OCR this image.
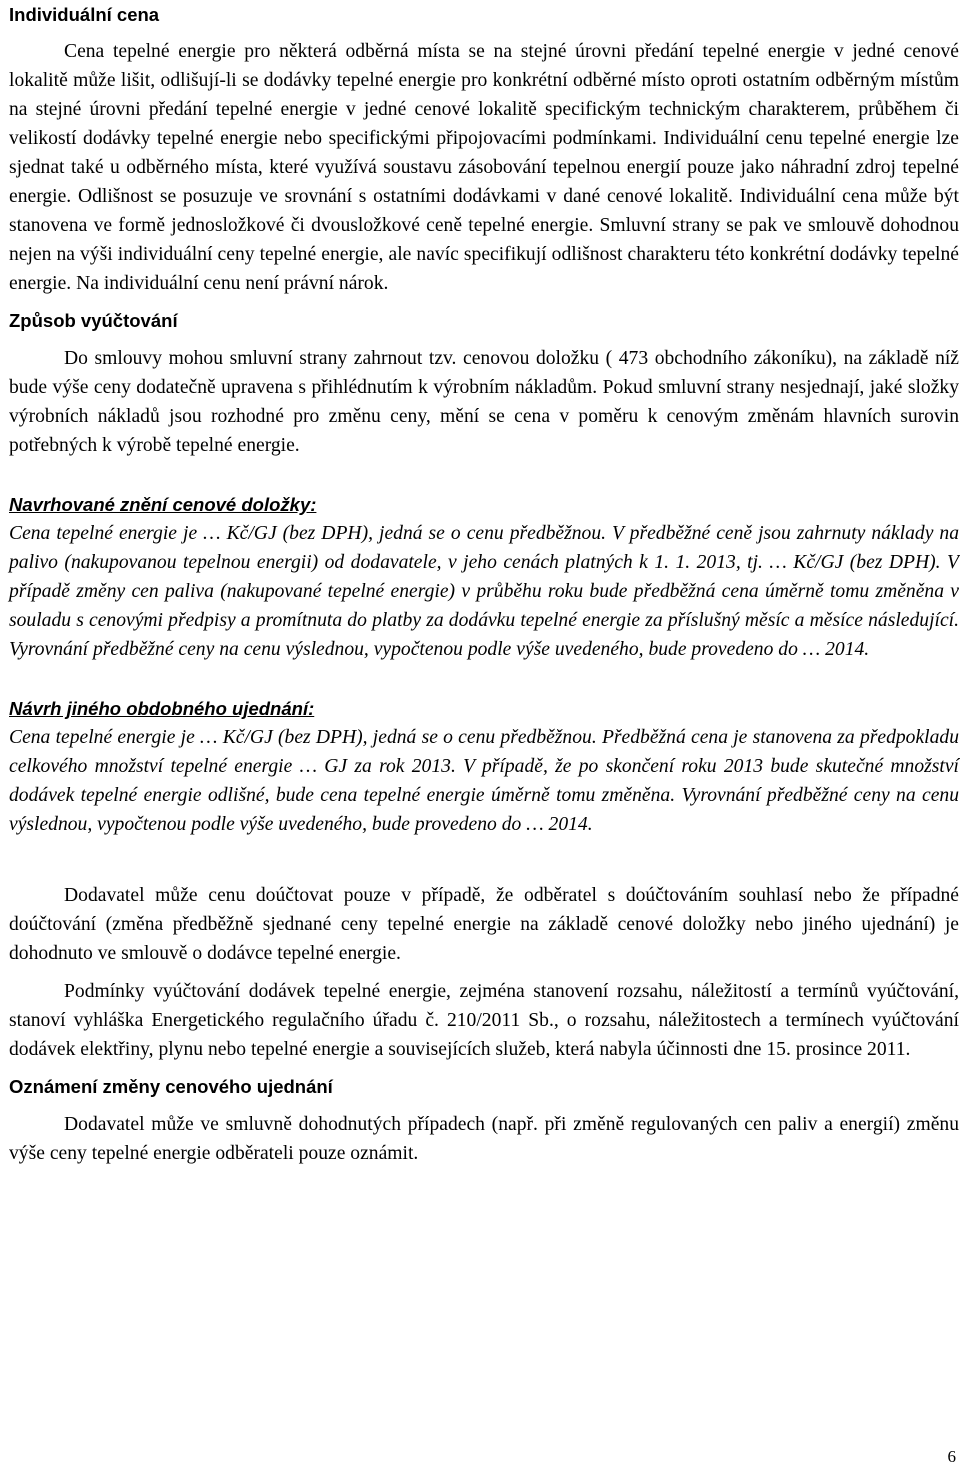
Individuální cena

Cena tepelné energie pro některá odběrná místa se na stejné úrovni předání tepelné energie v jedné cenové lokalitě může lišit, odlišují-li se dodávky tepelné energie pro konkrétní odběrné místo oproti ostatním odběrným místům na stejné úrovni předání tepelné energie v jedné cenové lokalitě specifickým technickým charakterem, průběhem či velikostí dodávky tepelné energie nebo specifickými připojovacími podmínkami. Individuální cenu tepelné energie lze sjednat také u odběrného místa, které využívá soustavu zásobování tepelnou energií pouze jako náhradní zdroj tepelné energie. Odlišnost se posuzuje ve srovnání s ostatními dodávkami v dané cenové lokalitě. Individuální cena může být stanovena ve formě jednosložkové či dvousložkové ceně tepelné energie. Smluvní strany se pak ve smlouvě dohodnou nejen na výši individuální ceny tepelné energie, ale navíc specifikují odlišnost charakteru této konkrétní dodávky tepelné energie. Na individuální cenu není právní nárok.

Způsob vyúčtování

Do smlouvy mohou smluvní strany zahrnout tzv. cenovou doložku ( 473 obchodního zákoníku), na základě níž bude výše ceny dodatečně upravena s přihlédnutím k výrobním nákladům. Pokud smluvní strany nesjednají, jaké složky výrobních nákladů jsou rozhodné pro změnu ceny, mění se cena v poměru k cenovým změnám hlavních surovin potřebných k výrobě tepelné energie.

Navrhované znění cenové doložky:

Cena tepelné energie je … Kč/GJ (bez DPH), jedná se o cenu předběžnou. V předběžné ceně jsou zahrnuty náklady na palivo (nakupovanou tepelnou energii) od dodavatele, v jeho cenách platných k 1. 1. 2013, tj. … Kč/GJ (bez DPH). V případě změny cen paliva (nakupované tepelné energie) v průběhu roku bude předběžná cena úměrně tomu změněna v souladu s cenovými předpisy a promítnuta do platby za dodávku tepelné energie za příslušný měsíc a měsíce následující. Vyrovnání předběžné ceny na cenu výslednou, vypočtenou podle výše uvedeného, bude provedeno do … 2014.

Návrh jiného obdobného ujednání:

Cena tepelné energie je … Kč/GJ (bez DPH), jedná se o cenu předběžnou. Předběžná cena je stanovena za předpokladu celkového množství tepelné energie … GJ za rok 2013. V případě, že po skončení roku 2013 bude skutečné množství dodávek tepelné energie odlišné, bude cena tepelné energie úměrně tomu změněna. Vyrovnání předběžné ceny na cenu výslednou, vypočtenou podle výše uvedeného, bude provedeno do … 2014.

Dodavatel může cenu doúčtovat pouze v případě, že odběratel s doúčtováním souhlasí nebo že případné doúčtování (změna předběžně sjednané ceny tepelné energie na základě cenové doložky nebo jiného ujednání) je dohodnuto ve smlouvě o dodávce tepelné energie.

Podmínky vyúčtování dodávek tepelné energie, zejména stanovení rozsahu, náležitostí a termínů vyúčtování, stanoví vyhláška Energetického regulačního úřadu č. 210/2011 Sb., o rozsahu, náležitostech a termínech vyúčtování dodávek elektřiny, plynu nebo tepelné energie a souvisejících služeb, která nabyla účinnosti dne 15. prosince 2011.

Oznámení změny cenového ujednání

Dodavatel může ve smluvně dohodnutých případech (např. při změně regulovaných cen paliv a energií) změnu výše ceny tepelné energie odběrateli pouze oznámit.

6
